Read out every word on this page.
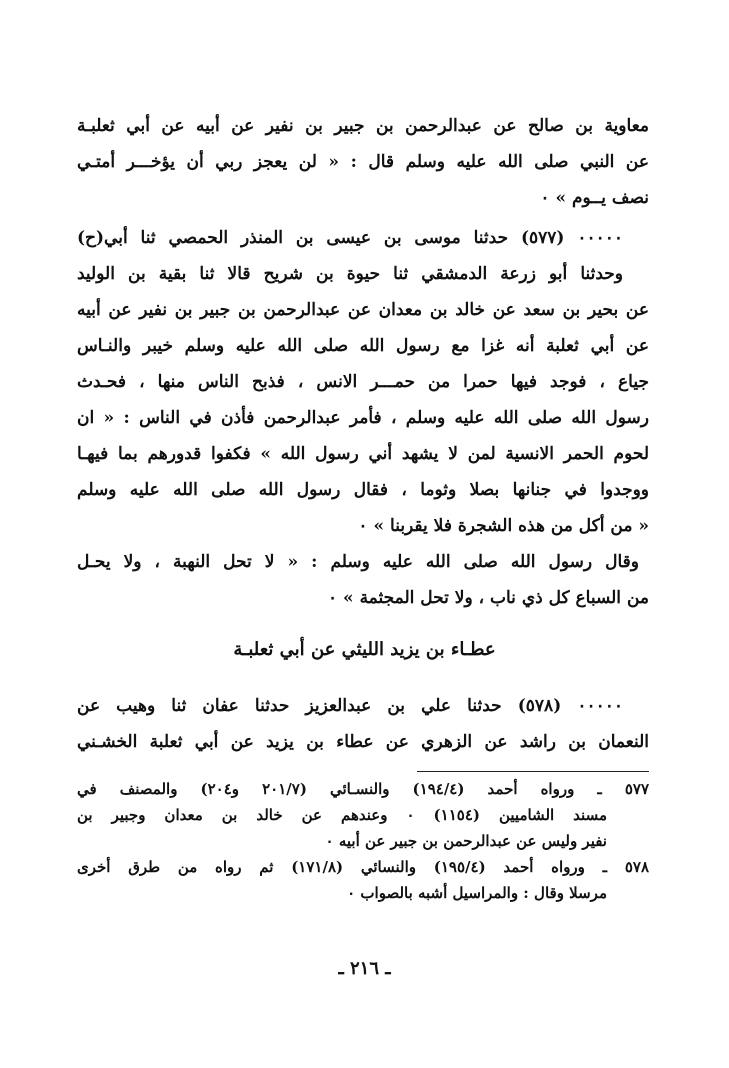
معاوية بن صالح عن عبدالرحمن بن جبير بن نفير عن أبيه عن أبي ثعلبـة
عن النبي صلى الله عليه وسلم قال : « لن يعجز ربي أن يؤخـــر أمتـي
نصف يــوم » ٠
٠٠٠٠٠ (٥٧٧) حدثنا موسى بن عيسى بن المنذر الحمصي ثنا أبي(ح)
وحدثنا أبو زرعة الدمشقي ثنا حيوة بن شريح قالا ثنا بقية بن الوليد
عن بحير بن سعد عن خالد بن معدان عن عبدالرحمن بن جبير بن نفير عن أبيه
عن أبي ثعلبة أنه غزا مع رسول الله صلى الله عليه وسلم خيبر والنـاس
جياع ، فوجد فيها حمرا من حمـــر الانس ، فذبح الناس منها ، فحـدث
رسول الله صلى الله عليه وسلم ، فأمر عبدالرحمن فأذن في الناس : « ان
لحوم الحمر الانسية لمن لا يشهد أني رسول الله » فكفوا قدورهم بما فيهـا
ووجدوا في جنانها بصلا وثوما ، فقال رسول الله صلى الله عليه وسلم
« من أكل من هذه الشجرة فلا يقربنا » ٠
وقال رسول الله صلى الله عليه وسلم : « لا تحل النهبة ، ولا يحـل
من السباع كل ذي ناب ، ولا تحل المجثمة » ٠
عطـاء بن يزيد الليثي عن أبي ثعلبـة
٠٠٠٠٠ (٥٧٨) حدثنا علي بن عبدالعزيز حدثنا عفان ثنا وهيب عن
النعمان بن راشد عن الزهري عن عطاء بن يزيد عن أبي ثعلبة الخشـني
٥٧٧ ـ ورواه أحمد (١٩٤/٤) والنسـائي (٢٠١/٧ و٢٠٤) والمصنف في
مسند الشاميين (١١٥٤) ٠ وعندهم عن خالد بن معدان وجبير بن
نفير وليس عن عبدالرحمن بن جبير عن أبيه ٠
٥٧٨ ـ ورواه أحمد (١٩٥/٤) والنسائي (١٧١/٨) ثم رواه من طرق أخرى
مرسلا وقال : والمراسيل أشبه بالصواب ٠
ـ ٢١٦ ـ
